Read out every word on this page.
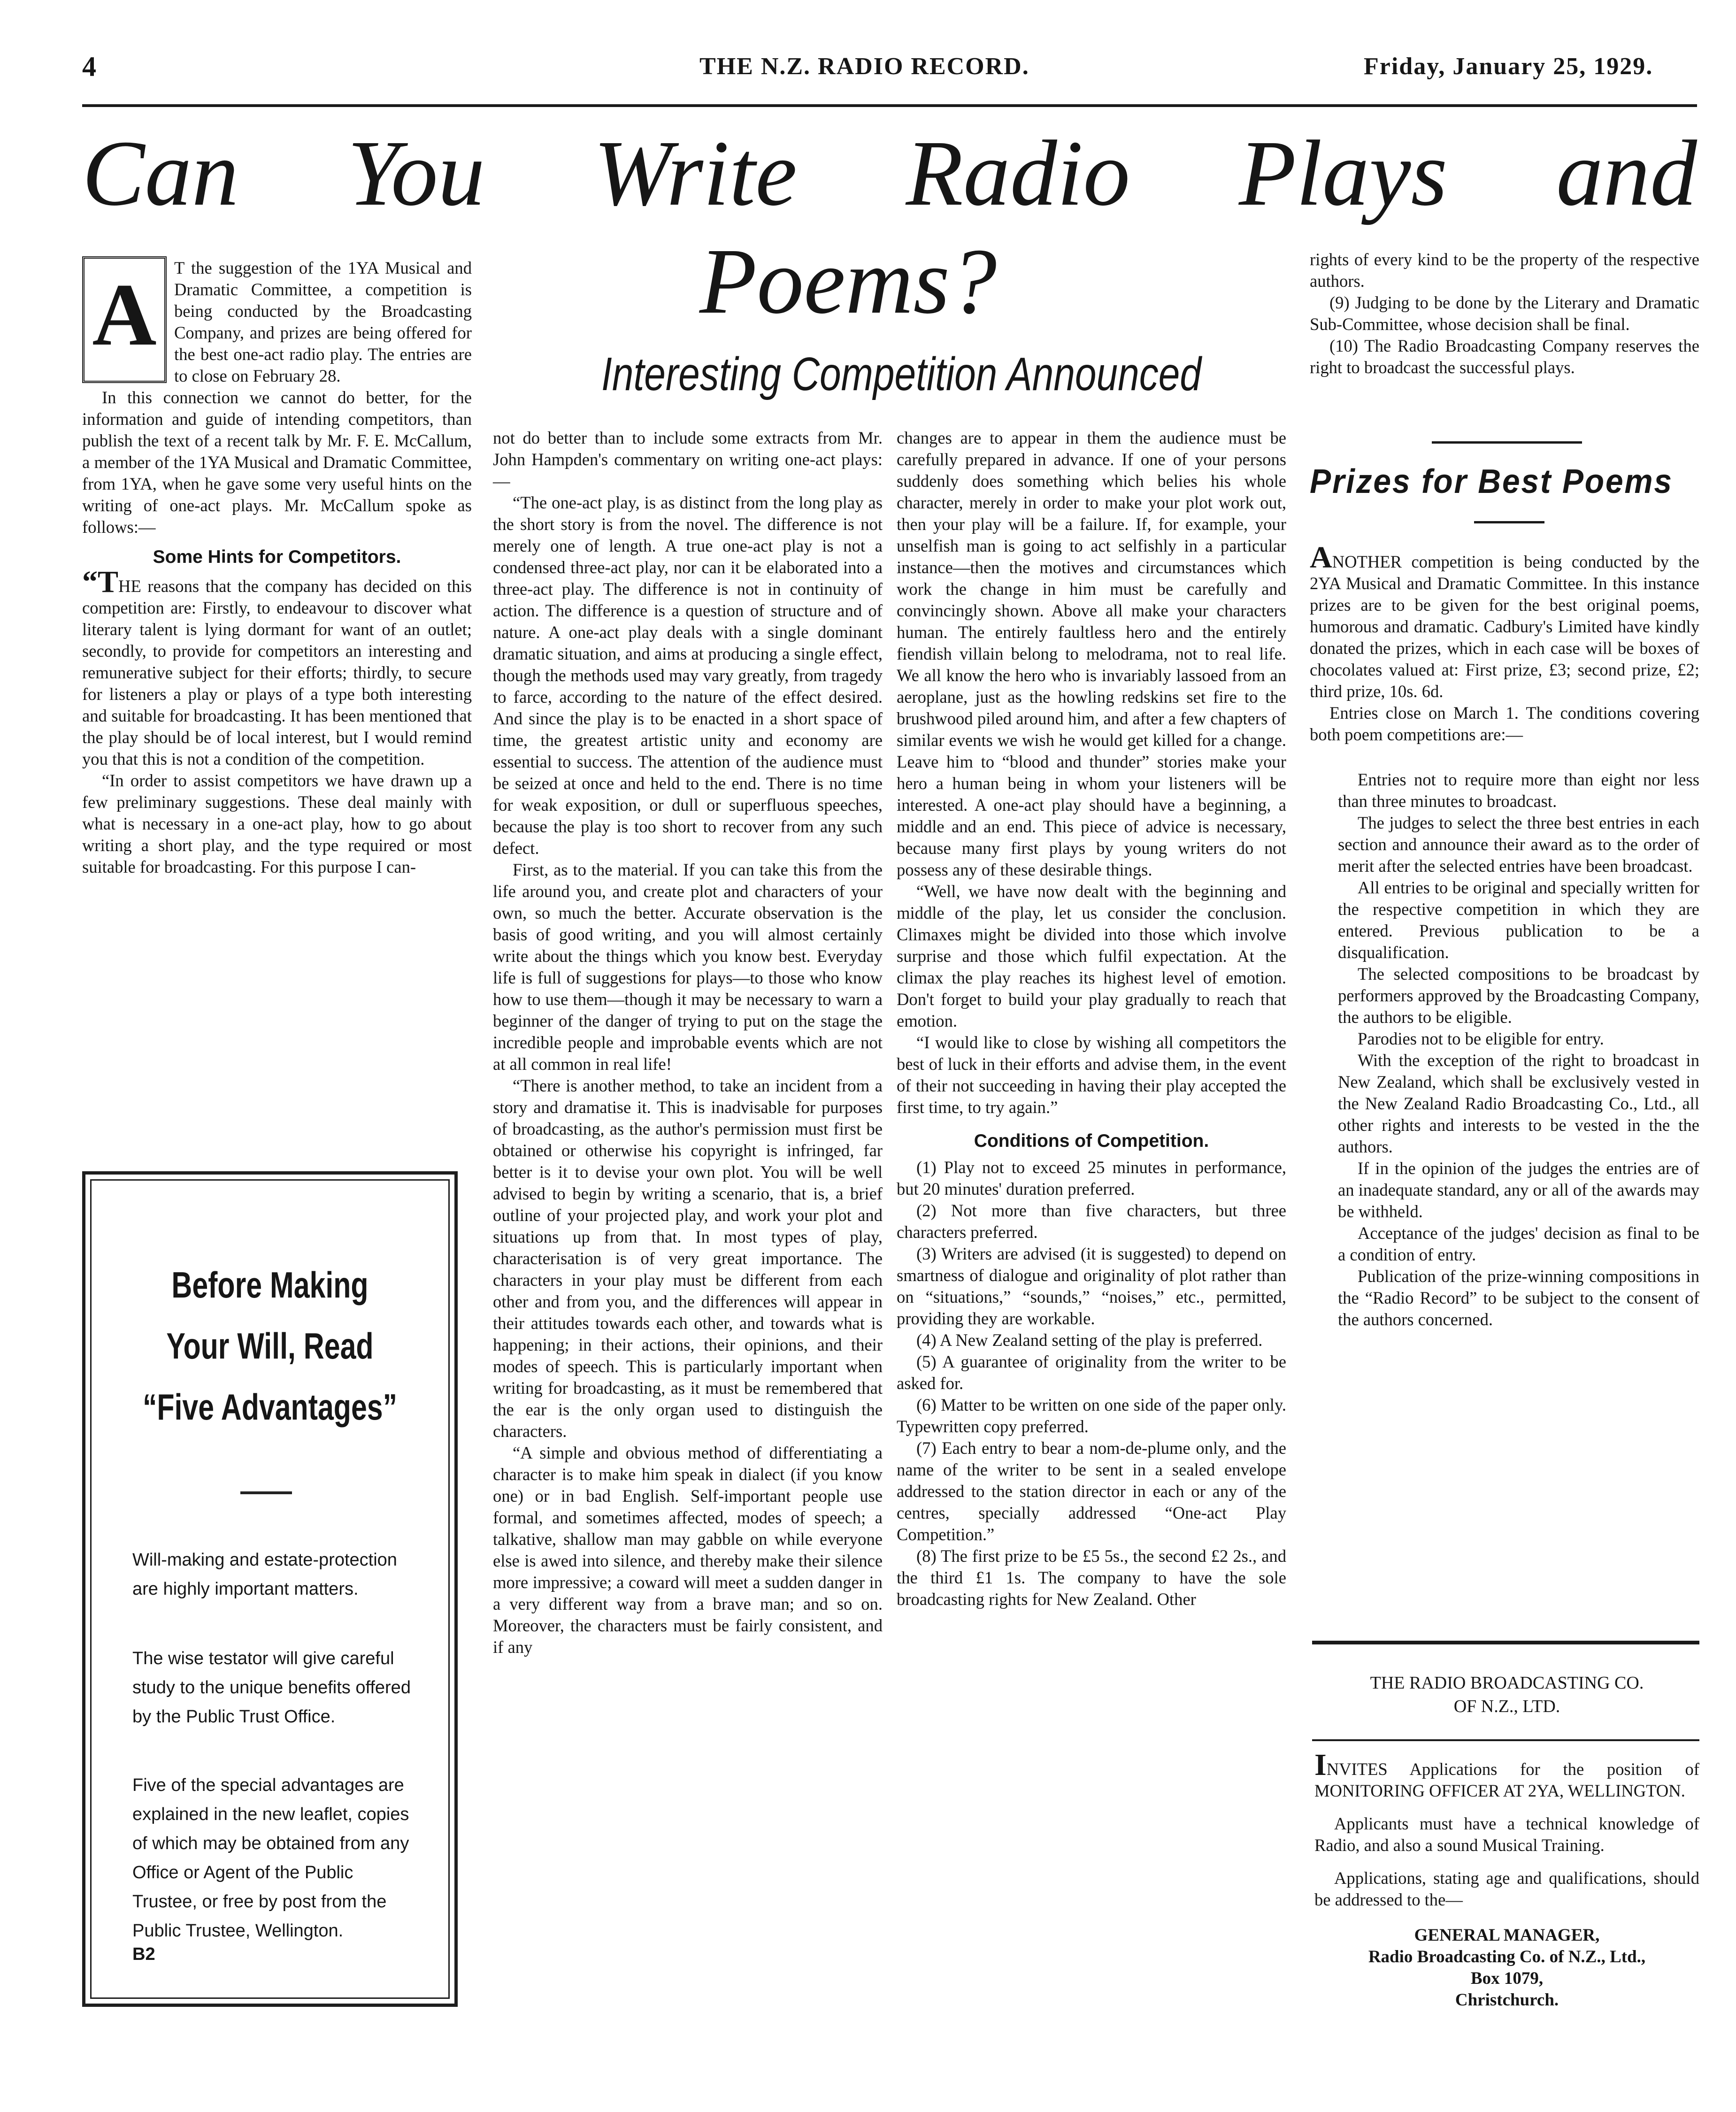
4	THE N.Z. RADIO RECORD.	Friday, January 25, 1929.
Can You Write Radio Plays and
Poems?
Interesting Competition Announced

A	T the suggestion of the 1YA Musical and Dramatic Committee, a competition is being conducted by the Broadcasting Company, and prizes are being offered for the best one-act radio play. The entries are to close on February 28.

In this connection we cannot do better, for the information and guide of intending competitors, than publish the text of a recent talk by Mr. F. E. McCallum, a member of the 1YA Musical and Dramatic Committee, from 1YA, when he gave some very useful hints on the writing of one-act plays. Mr. McCallum spoke as follows:—

Some Hints for Competitors.

“THE reasons that the company has decided on this competition are: Firstly, to endeavour to discover what literary talent is lying dormant for want of an outlet; secondly, to provide for competitors an interesting and remunerative subject for their efforts; thirdly, to secure for listeners a play or plays of a type both interesting and suitable for broadcasting. It has been mentioned that the play should be of local interest, but I would remind you that this is not a condition of the competition.

“In order to assist competitors we have drawn up a few preliminary suggestions. These deal mainly with what is necessary in a one-act play, how to go about writing a short play, and the type required or most suitable for broadcasting. For this purpose I can-

Before Making
Your Will, Read
“Five Advantages”

Will-making and estate-protection are highly important matters.

The wise testator will give careful study to the unique benefits offered by the Public Trust Office.

Five of the special advantages are explained in the new leaflet, copies of which may be obtained from any Office or Agent of the Public Trustee, or free by post from the Public Trustee, Wellington.

B2

not do better than to include some extracts from Mr. John Hampden's commentary on writing one-act plays:—

“The one-act play, is as distinct from the long play as the short story is from the novel. The difference is not merely one of length. A true one-act play is not a condensed three-act play, nor can it be elaborated into a three-act play. The difference is not in continuity of action. The difference is a question of structure and of nature. A one-act play deals with a single dominant dramatic situation, and aims at producing a single effect, though the methods used may vary greatly, from tragedy to farce, according to the nature of the effect desired. And since the play is to be enacted in a short space of time, the greatest artistic unity and economy are essential to success. The attention of the audience must be seized at once and held to the end. There is no time for weak exposition, or dull or superfluous speeches, because the play is too short to recover from any such defect.

First, as to the material. If you can take this from the life around you, and create plot and characters of your own, so much the better. Accurate observation is the basis of good writing, and you will almost certainly write about the things which you know best. Everyday life is full of suggestions for plays—to those who know how to use them—though it may be necessary to warn a beginner of the danger of trying to put on the stage the incredible people and improbable events which are not at all common in real life!

“There is another method, to take an incident from a story and dramatise it. This is inadvisable for purposes of broadcasting, as the author's permission must first be obtained or otherwise his copyright is infringed, far better is it to devise your own plot. You will be well advised to begin by writing a scenario, that is, a brief outline of your projected play, and work your plot and situations up from that. In most types of play, characterisation is of very great importance. The characters in your play must be different from each other and from you, and the differences will appear in their attitudes towards each other, and towards what is happening; in their actions, their opinions, and their modes of speech. This is particularly important when writing for broadcasting, as it must be remembered that the ear is the only organ used to distinguish the characters.

“A simple and obvious method of differentiating a character is to make him speak in dialect (if you know one) or in bad English. Self-important people use formal, and sometimes affected, modes of speech; a talkative, shallow man may gabble on while everyone else is awed into silence, and thereby make their silence more impressive; a coward will meet a sudden danger in a very different way from a brave man; and so on. Moreover, the characters must be fairly consistent, and if any

changes are to appear in them the audience must be carefully prepared in advance. If one of your persons suddenly does something which belies his whole character, merely in order to make your plot work out, then your play will be a failure. If, for example, your unselfish man is going to act selfishly in a particular instance—then the motives and circumstances which work the change in him must be carefully and convincingly shown. Above all make your characters human. The entirely faultless hero and the entirely fiendish villain belong to melodrama, not to real life. We all know the hero who is invariably lassoed from an aeroplane, just as the howling redskins set fire to the brushwood piled around him, and after a few chapters of similar events we wish he would get killed for a change. Leave him to “blood and thunder” stories make your hero a human being in whom your listeners will be interested. A one-act play should have a beginning, a middle and an end. This piece of advice is necessary, because many first plays by young writers do not possess any of these desirable things.

“Well, we have now dealt with the beginning and middle of the play, let us consider the conclusion. Climaxes might be divided into those which involve surprise and those which fulfil expectation. At the climax the play reaches its highest level of emotion. Don't forget to build your play gradually to reach that emotion.

“I would like to close by wishing all competitors the best of luck in their efforts and advise them, in the event of their not succeeding in having their play accepted the first time, to try again.”

Conditions of Competition.

(1) Play not to exceed 25 minutes in performance, but 20 minutes' duration preferred.

(2) Not more than five characters, but three characters preferred.

(3) Writers are advised (it is suggested) to depend on smartness of dialogue and originality of plot rather than on “situations,” “sounds,” “noises,” etc., permitted, providing they are workable.

(4) A New Zealand setting of the play is preferred.

(5) A guarantee of originality from the writer to be asked for.

(6) Matter to be written on one side of the paper only. Typewritten copy preferred.

(7) Each entry to bear a nom-de-plume only, and the name of the writer to be sent in a sealed envelope addressed to the station director in each or any of the centres, specially addressed “One-act Play Competition.”

(8) The first prize to be £5 5s., the second £2 2s., and the third £1 1s. The company to have the sole broadcasting rights for New Zealand. Other

rights of every kind to be the property of the respective authors.

(9) Judging to be done by the Literary and Dramatic Sub-Committee, whose decision shall be final.

(10) The Radio Broadcasting Company reserves the right to broadcast the successful plays.

Prizes for Best Poems

ANOTHER competition is being conducted by the 2YA Musical and Dramatic Committee. In this instance prizes are to be given for the best original poems, humorous and dramatic. Cadbury's Limited have kindly donated the prizes, which in each case will be boxes of chocolates valued at: First prize, £3; second prize, £2; third prize, 10s. 6d.

Entries close on March 1. The conditions covering both poem competitions are:—

Entries not to require more than eight nor less than three minutes to broadcast.

The judges to select the three best entries in each section and announce their award as to the order of merit after the selected entries have been broadcast.

All entries to be original and specially written for the respective competition in which they are entered. Previous publication to be a disqualification.

The selected compositions to be broadcast by performers approved by the Broadcasting Company, the authors to be eligible.

Parodies not to be eligible for entry.

With the exception of the right to broadcast in New Zealand, which shall be exclusively vested in the New Zealand Radio Broadcasting Co., Ltd., all other rights and interests to be vested in the the authors.

If in the opinion of the judges the entries are of an inadequate standard, any or all of the awards may be withheld.

Acceptance of the judges' decision as final to be a condition of entry.

Publication of the prize-winning compositions in the “Radio Record” to be subject to the consent of the authors concerned.

THE RADIO BROADCASTING CO.
OF N.Z., LTD.

INVITES Applications for the position of MONITORING OFFICER AT 2YA, WELLINGTON.

Applicants must have a technical knowledge of Radio, and also a sound Musical Training.

Applications, stating age and qualifications, should be addressed to the—

GENERAL MANAGER,
Radio Broadcasting Co. of N.Z., Ltd.,
Box 1079,
Christchurch.
